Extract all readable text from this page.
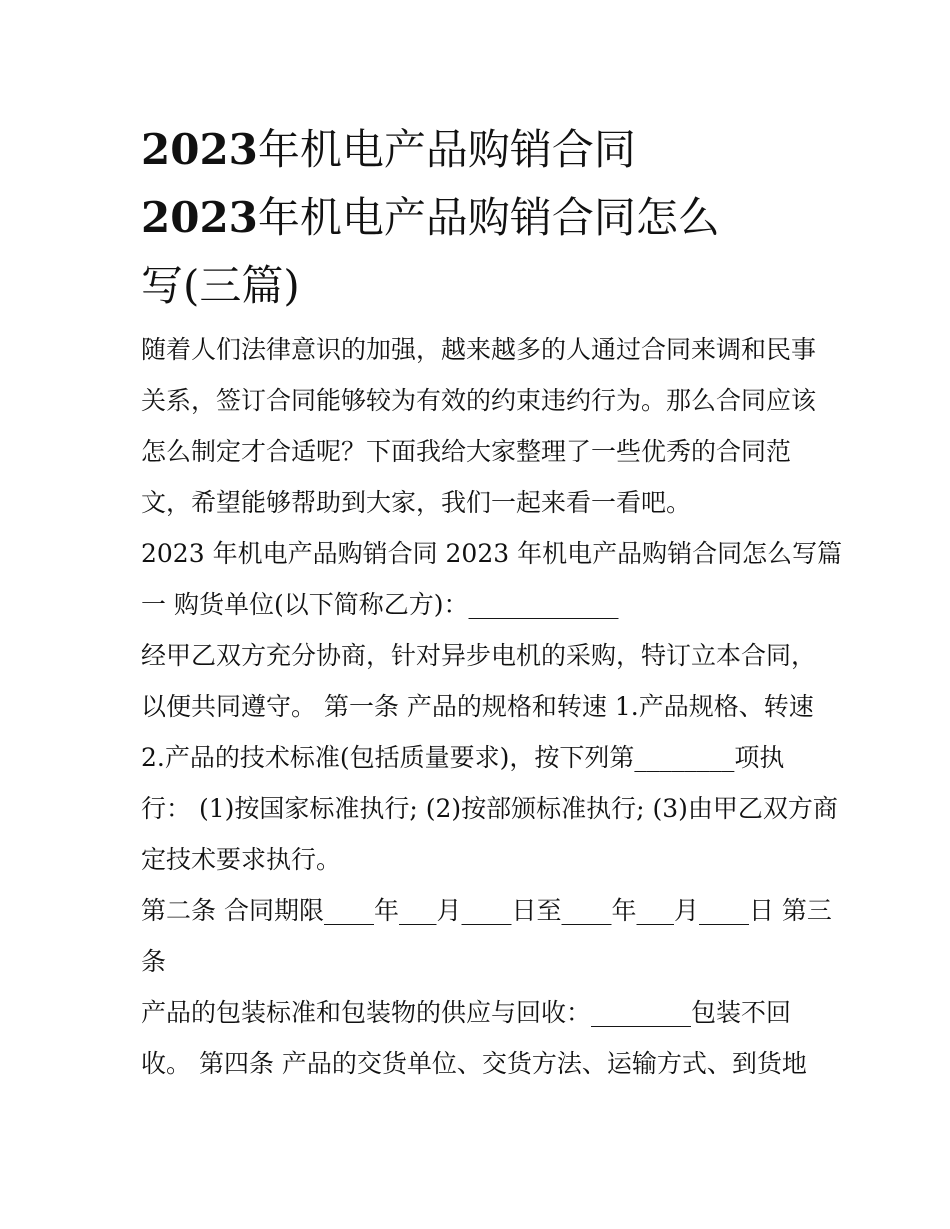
2023年机电产品购销合同
2023年机电产品购销合同怎么
写(三篇)

随着人们法律意识的加强，越来越多的人通过合同来调和民事
关系，签订合同能够较为有效的约束违约行为。那么合同应该
怎么制定才合适呢？下面我给大家整理了一些优秀的合同范
文，希望能够帮助到大家，我们一起来看一看吧。

2023 年机电产品购销合同 2023 年机电产品购销合同怎么写篇
一 购货单位(以下简称乙方)：____________

经甲乙双方充分协商，针对异步电机的采购，特订立本合同，
以便共同遵守。 第一条 产品的规格和转速 1.产品规格、转速
2.产品的技术标准(包括质量要求)，按下列第________项执
行： (1)按国家标准执行; (2)按部颁标准执行; (3)由甲乙双方商
定技术要求执行。

第二条 合同期限____年___月____日至____年___月____日 第三
条

产品的包装标准和包装物的供应与回收：________包装不回
收。 第四条 产品的交货单位、交货方法、运输方式、到货地
